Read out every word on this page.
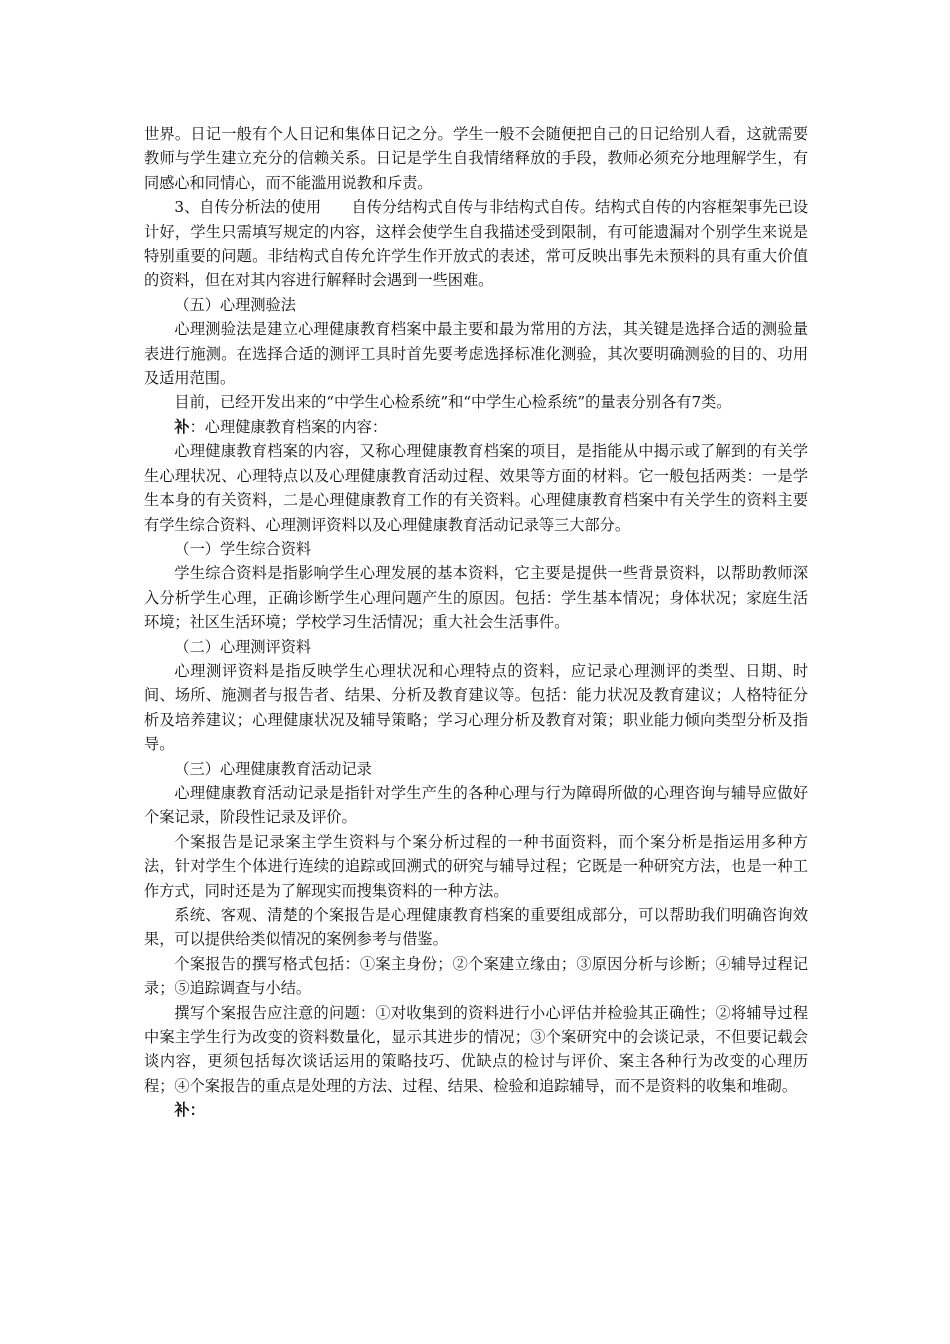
世界。日记一般有个人日记和集体日记之分。学生一般不会随便把自己的日记给别人看，这就需要教师与学生建立充分的信赖关系。日记是学生自我情绪释放的手段，教师必须充分地理解学生，有同感心和同情心，而不能滥用说教和斥责。

3、自传分析法的使用 自传分结构式自传与非结构式自传。结构式自传的内容框架事先已设计好，学生只需填写规定的内容，这样会使学生自我描述受到限制，有可能遗漏对个别学生来说是特别重要的问题。非结构式自传允许学生作开放式的表述，常可反映出事先未预料的具有重大价值的资料，但在对其内容进行解释时会遇到一些困难。

（五）心理测验法

心理测验法是建立心理健康教育档案中最主要和最为常用的方法，其关键是选择合适的测验量表进行施测。在选择合适的测评工具时首先要考虑选择标准化测验，其次要明确测验的目的、功用及适用范围。

目前，已经开发出来的“中学生心检系统”和“中学生心检系统”的量表分别各有7类。

补：心理健康教育档案的内容：

心理健康教育档案的内容，又称心理健康教育档案的项目，是指能从中揭示或了解到的有关学生心理状况、心理特点以及心理健康教育活动过程、效果等方面的材料。它一般包括两类：一是学生本身的有关资料，二是心理健康教育工作的有关资料。心理健康教育档案中有关学生的资料主要有学生综合资料、心理测评资料以及心理健康教育活动记录等三大部分。

（一）学生综合资料

学生综合资料是指影响学生心理发展的基本资料，它主要是提供一些背景资料，以帮助教师深入分析学生心理，正确诊断学生心理问题产生的原因。包括：学生基本情况；身体状况；家庭生活环境；社区生活环境；学校学习生活情况；重大社会生活事件。

（二）心理测评资料

心理测评资料是指反映学生心理状况和心理特点的资料，应记录心理测评的类型、日期、时间、场所、施测者与报告者、结果、分析及教育建议等。包括：能力状况及教育建议；人格特征分析及培养建议；心理健康状况及辅导策略；学习心理分析及教育对策；职业能力倾向类型分析及指导。

（三）心理健康教育活动记录

心理健康教育活动记录是指针对学生产生的各种心理与行为障碍所做的心理咨询与辅导应做好个案记录，阶段性记录及评价。

个案报告是记录案主学生资料与个案分析过程的一种书面资料，而个案分析是指运用多种方法，针对学生个体进行连续的追踪或回溯式的研究与辅导过程；它既是一种研究方法，也是一种工作方式，同时还是为了解现实而搜集资料的一种方法。

系统、客观、清楚的个案报告是心理健康教育档案的重要组成部分，可以帮助我们明确咨询效果，可以提供给类似情况的案例参考与借鉴。

个案报告的撰写格式包括：①案主身份；②个案建立缘由；③原因分析与诊断；④辅导过程记录；⑤追踪调查与小结。

撰写个案报告应注意的问题：①对收集到的资料进行小心评估并检验其正确性；②将辅导过程中案主学生行为改变的资料数量化，显示其进步的情况；③个案研究中的会谈记录，不但要记载会谈内容，更须包括每次谈话运用的策略技巧、优缺点的检讨与评价、案主各种行为改变的心理历程；④个案报告的重点是处理的方法、过程、结果、检验和追踪辅导，而不是资料的收集和堆砌。

补：
